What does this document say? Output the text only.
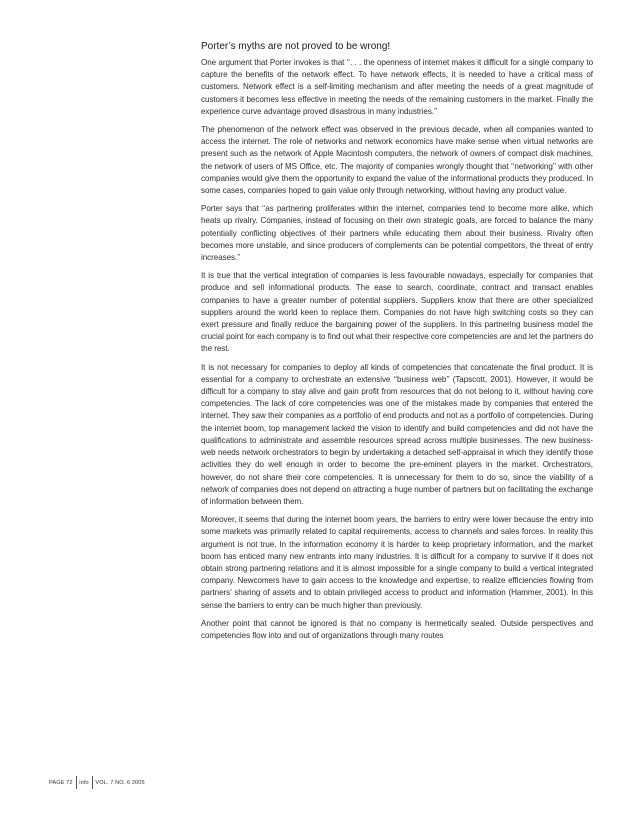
Porter’s myths are not proved to be wrong!

One argument that Porter invokes is that ‘‘. . . the openness of internet makes it difficult for a single company to capture the benefits of the network effect. To have network effects, it is needed to have a critical mass of customers. Network effect is a self-limiting mechanism and after meeting the needs of a great magnitude of customers it becomes less effective in meeting the needs of the remaining customers in the market. Finally the experience curve advantage proved disastrous in many industries.’’

The phenomenon of the network effect was observed in the previous decade, when all companies wanted to access the internet. The role of networks and network economics have make sense when virtual networks are present such as the network of Apple Macintosh computers, the network of owners of compact disk machines, the network of users of MS Office, etc. The majority of companies wrongly thought that ‘‘networking’’ with other companies would give them the opportunity to expand the value of the informational products they produced. In some cases, companies hoped to gain value only through networking, without having any product value.

Porter says that ‘‘as partnering proliferates within the internet, companies tend to become more alike, which heats up rivalry. Companies, instead of focusing on their own strategic goals, are forced to balance the many potentially conflicting objectives of their partners while educating them about their business. Rivalry often becomes more unstable, and since producers of complements can be potential competitors, the threat of entry increases.’’

It is true that the vertical integration of companies is less favourable nowadays, especially for companies that produce and sell informational products. The ease to search, coordinate, contract and transact enables companies to have a greater number of potential suppliers. Suppliers know that there are other specialized suppliers around the world keen to replace them. Companies do not have high switching costs so they can exert pressure and finally reduce the bargaining power of the suppliers. In this partnering business model the crucial point for each company is to find out what their respective core competencies are and let the partners do the rest.

It is not necessary for companies to deploy all kinds of competencies that concatenate the final product. It is essential for a company to orchestrate an extensive ‘‘business web’’ (Tapscott, 2001). However, it would be difficult for a company to stay alive and gain profit from resources that do not belong to it, without having core competencies. The lack of core competencies was one of the mistakes made by companies that entered the internet. They saw their companies as a portfolio of end products and not as a portfolio of competencies. During the internet boom, top management lacked the vision to identify and build competencies and did not have the qualifications to administrate and assemble resources spread across multiple businesses. The new business-web needs network orchestrators to begin by undertaking a detached self-appraisal in which they identify those activities they do well enough in order to become the pre-eminent players in the market. Orchestrators, however, do not share their core competencies. It is unnecessary for them to do so, since the viability of a network of companies does not depend on attracting a huge number of partners but on facilitating the exchange of information between them.

Moreover, it seems that during the internet boom years, the barriers to entry were lower because the entry into some markets was primarily related to capital requirements, access to channels and sales forces. In reality this argument is not true. In the information economy it is harder to keep proprietary information, and the market boom has enticed many new entrants into many industries. It is difficult for a company to survive if it does not obtain strong partnering relations and it is almost impossible for a single company to build a vertical integrated company. Newcomers have to gain access to the knowledge and expertise, to realize efficiencies flowing from partners’ sharing of assets and to obtain privileged access to product and information (Hammer, 2001). In this sense the barriers to entry can be much higher than previously.

Another point that cannot be ignored is that no company is hermetically sealed. Outside perspectives and competencies flow into and out of organizations through many routes

PAGE 72 info VOL. 7 NO. 6 2005
